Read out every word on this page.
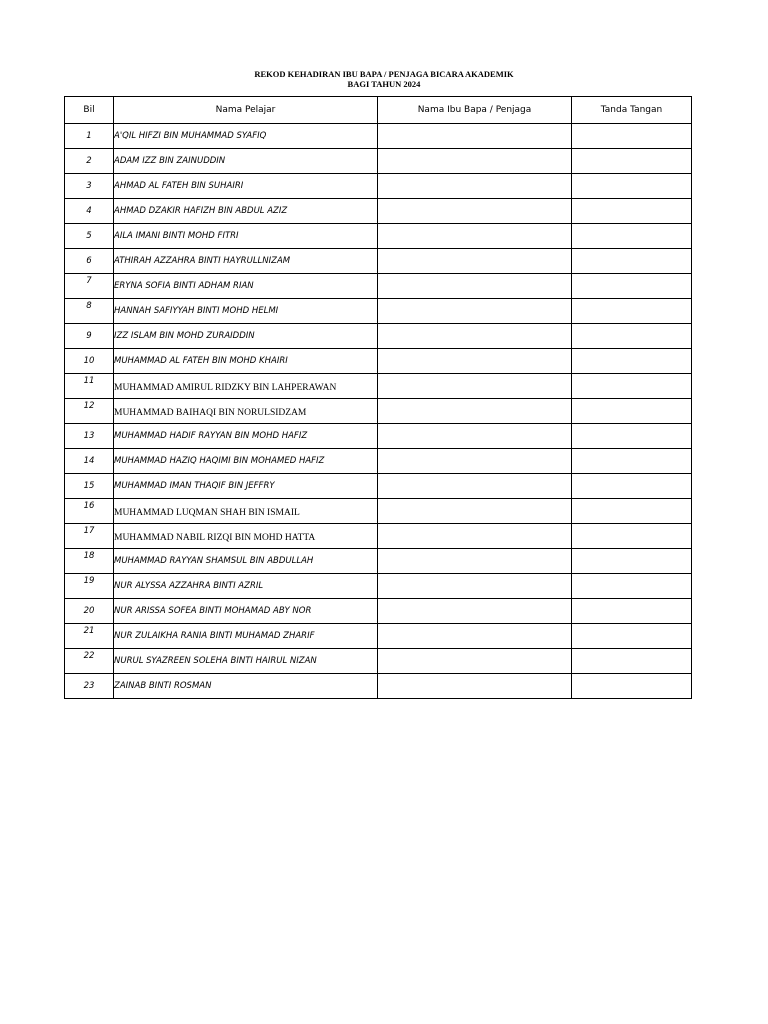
REKOD KEHADIRAN IBU BAPA / PENJAGA BICARA AKADEMIK
BAGI TAHUN 2024
Bil	Nama Pelajar	Nama Ibu Bapa / Penjaga	Tanda Tangan
1	A'QIL HIFZI BIN MUHAMMAD SYAFIQ		
2	ADAM IZZ BIN ZAINUDDIN		
3	AHMAD AL FATEH BIN SUHAIRI		
4	AHMAD DZAKIR HAFIZH BIN ABDUL AZIZ		
5	AILA IMANI BINTI MOHD FITRI		
6	ATHIRAH AZZAHRA BINTI HAYRULLNIZAM		
7	ERYNA SOFIA BINTI ADHAM RIAN		
8	HANNAH SAFIYYAH BINTI MOHD HELMI		
9	IZZ ISLAM BIN MOHD ZURAIDDIN		
10	MUHAMMAD AL FATEH BIN MOHD KHAIRI		
11	MUHAMMAD AMIRUL RIDZKY BIN LAHPERAWAN		
12	MUHAMMAD BAIHAQI BIN NORULSIDZAM		
13	MUHAMMAD HADIF RAYYAN BIN MOHD HAFIZ		
14	MUHAMMAD HAZIQ HAQIMI BIN MOHAMED HAFIZ		
15	MUHAMMAD IMAN THAQIF BIN JEFFRY		
16	MUHAMMAD LUQMAN SHAH BIN ISMAIL		
17	MUHAMMAD NABIL RIZQI BIN MOHD HATTA		
18	MUHAMMAD RAYYAN SHAMSUL BIN ABDULLAH		
19	NUR ALYSSA AZZAHRA BINTI AZRIL		
20	NUR ARISSA SOFEA BINTI MOHAMAD ABY NOR		
21	NUR ZULAIKHA RANIA BINTI MUHAMAD ZHARIF		
22	NURUL SYAZREEN SOLEHA BINTI HAIRUL NIZAN		
23	ZAINAB BINTI ROSMAN		
